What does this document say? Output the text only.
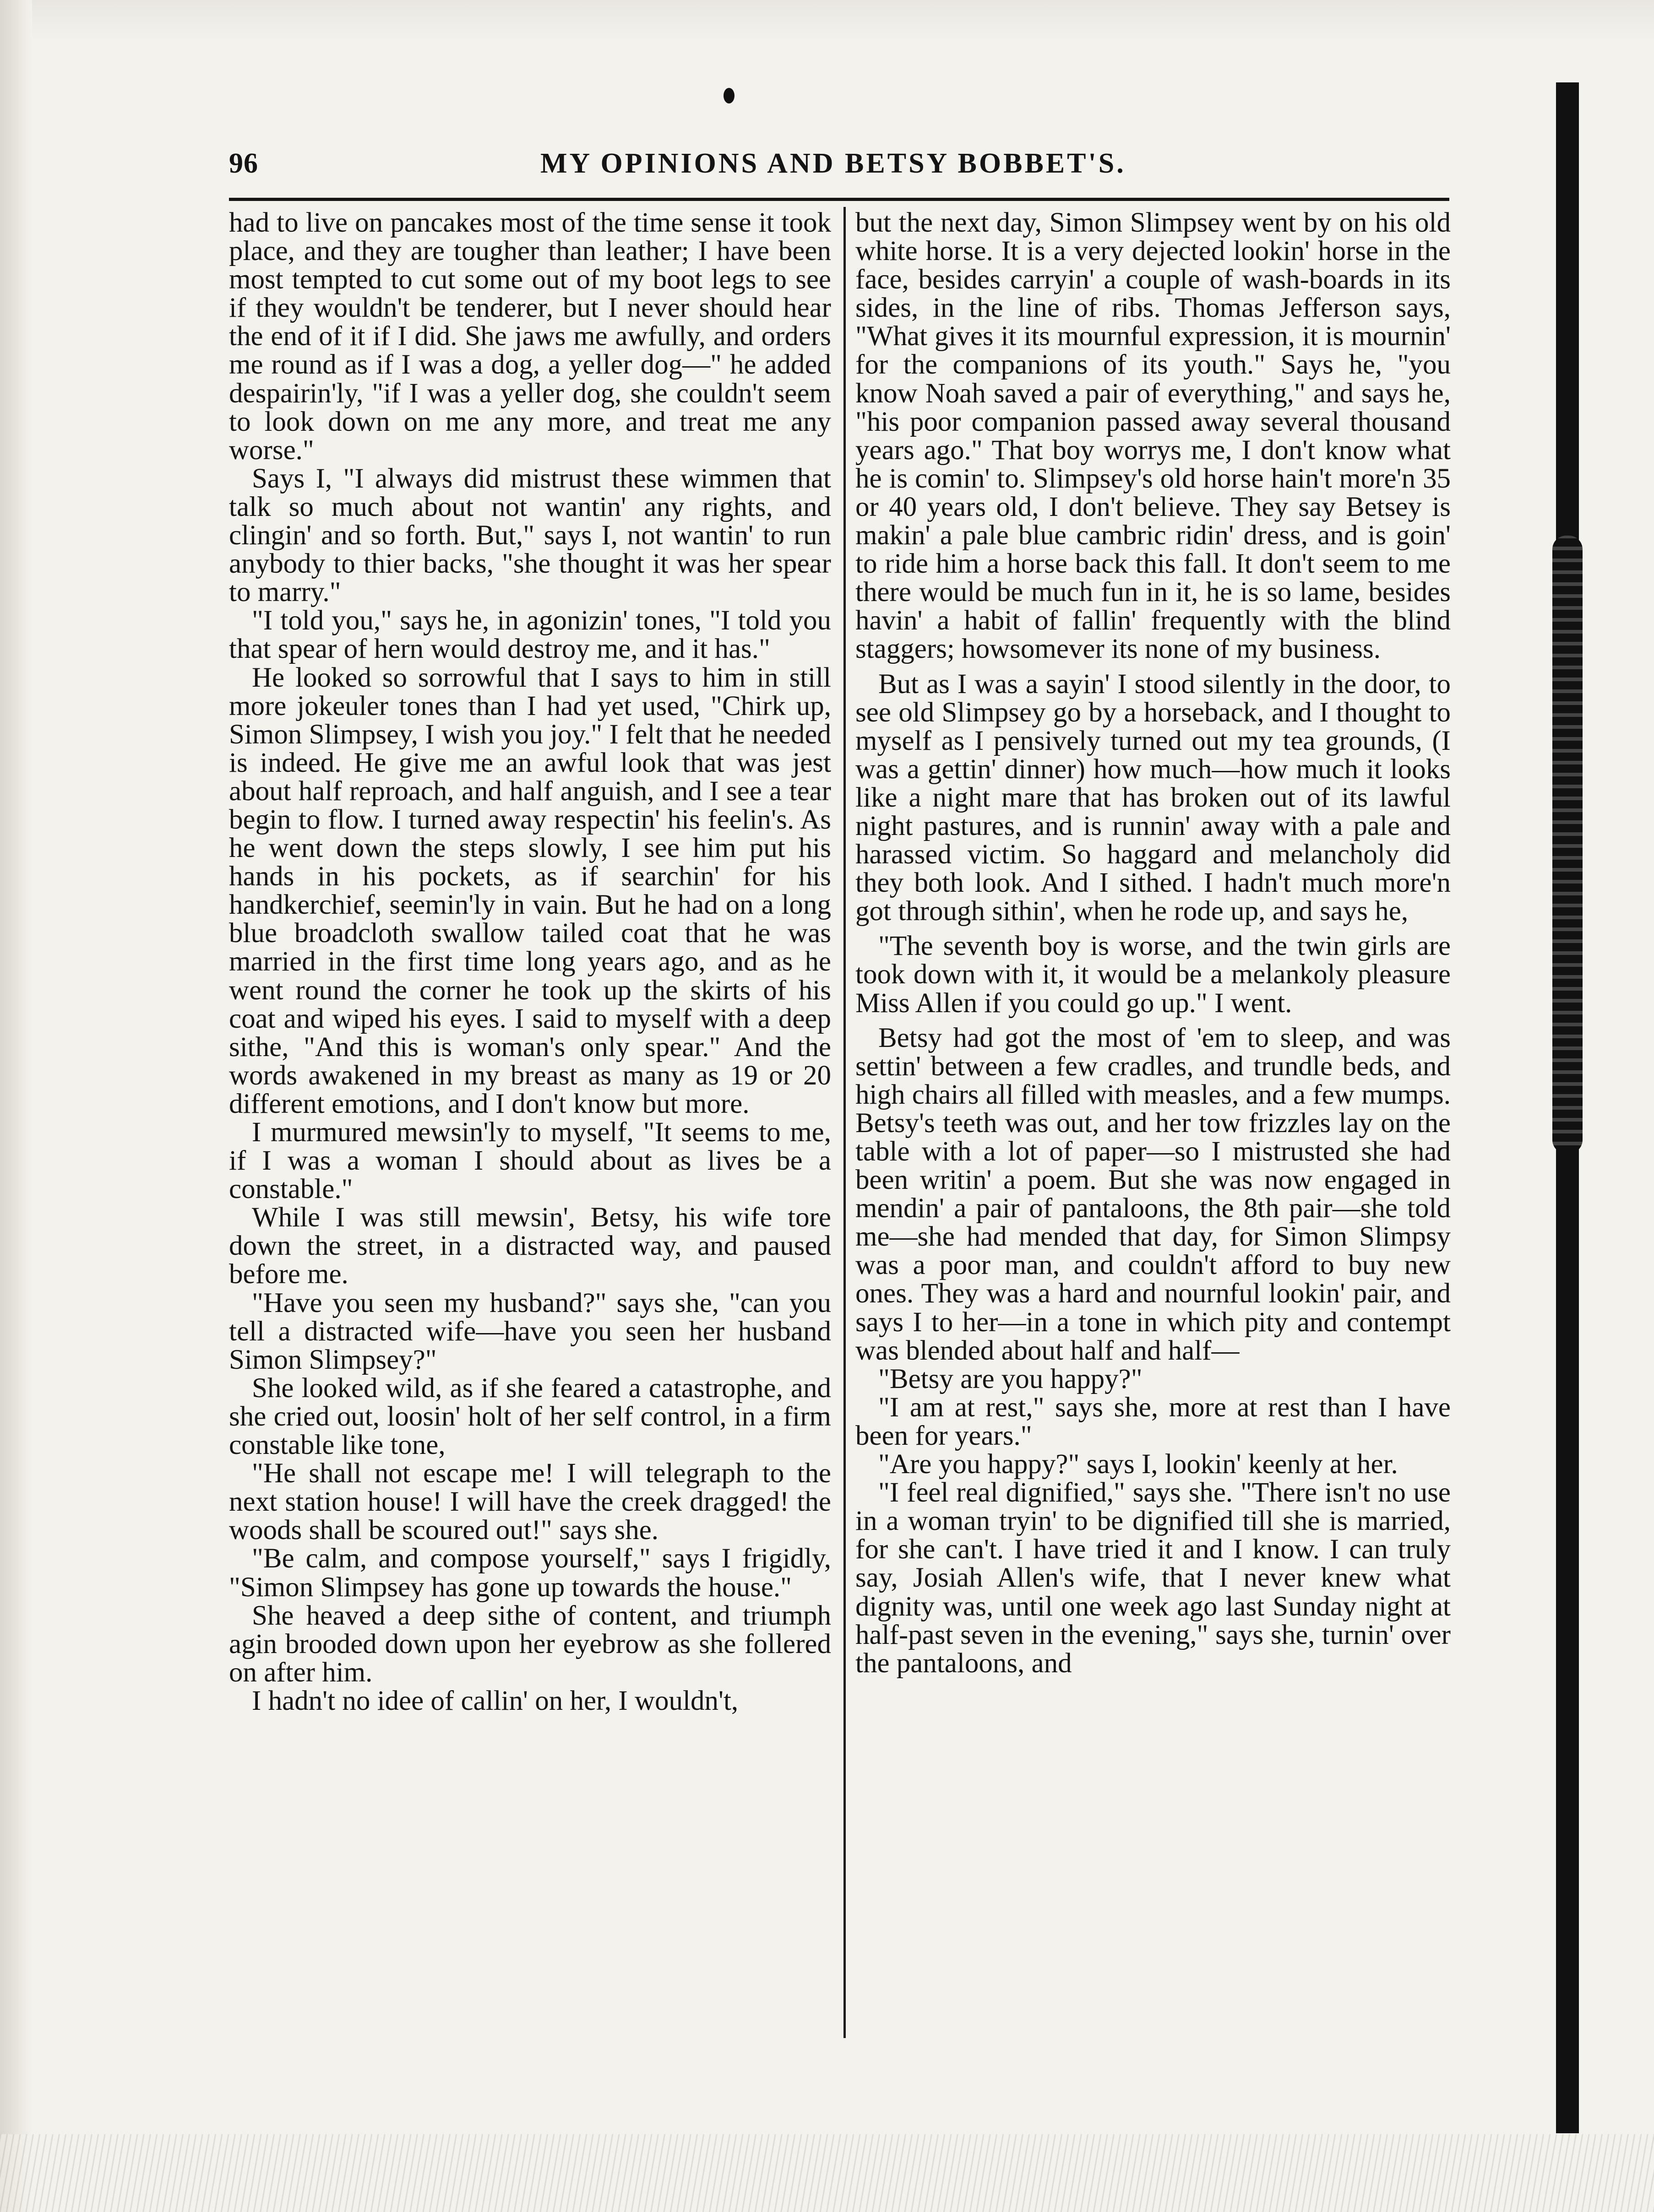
96	MY OPINIONS AND BETSY BOBBET'S.

had to live on pancakes most of the time sense it took place, and they are tougher than leather; I have been most tempted to cut some out of my boot legs to see if they wouldn't be tenderer, but I never should hear the end of it if I did. She jaws me awfully, and orders me round as if I was a dog, a yeller dog—" he added despairin'ly, "if I was a yeller dog, she couldn't seem to look down on me any more, and treat me any worse."

Says I, "I always did mistrust these wimmen that talk so much about not wantin' any rights, and clingin' and so forth. But," says I, not wantin' to run anybody to thier backs, "she thought it was her spear to marry."

"I told you," says he, in agonizin' tones, "I told you that spear of hern would destroy me, and it has."

He looked so sorrowful that I says to him in still more jokeuler tones than I had yet used, "Chirk up, Simon Slimpsey, I wish you joy." I felt that he needed is indeed. He give me an awful look that was jest about half reproach, and half anguish, and I see a tear begin to flow. I turned away respectin' his feelin's. As he went down the steps slowly, I see him put his hands in his pockets, as if searchin' for his handkerchief, seemin'ly in vain. But he had on a long blue broadcloth swallow tailed coat that he was married in the first time long years ago, and as he went round the corner he took up the skirts of his coat and wiped his eyes. I said to myself with a deep sithe, "And this is woman's only spear." And the words awakened in my breast as many as 19 or 20 different emotions, and I don't know but more.

I murmured mewsin'ly to myself, "It seems to me, if I was a woman I should about as lives be a constable."

While I was still mewsin', Betsy, his wife tore down the street, in a distracted way, and paused before me.

"Have you seen my husband?" says she, "can you tell a distracted wife—have you seen her husband Simon Slimpsey?"

She looked wild, as if she feared a catastrophe, and she cried out, loosin' holt of her self control, in a firm constable like tone,

"He shall not escape me! I will telegraph to the next station house! I will have the creek dragged! the woods shall be scoured out!" says she.

"Be calm, and compose yourself," says I frigidly, "Simon Slimpsey has gone up towards the house."

She heaved a deep sithe of content, and triumph agin brooded down upon her eyebrow as she follered on after him.

I hadn't no idee of callin' on her, I wouldn't,

but the next day, Simon Slimpsey went by on his old white horse. It is a very dejected lookin' horse in the face, besides carryin' a couple of wash-boards in its sides, in the line of ribs. Thomas Jefferson says, "What gives it its mournful expression, it is mournin' for the companions of its youth." Says he, "you know Noah saved a pair of everything," and says he, "his poor companion passed away several thousand years ago." That boy worrys me, I don't know what he is comin' to. Slimpsey's old horse hain't more'n 35 or 40 years old, I don't believe. They say Betsey is makin' a pale blue cambric ridin' dress, and is goin' to ride him a horse back this fall. It don't seem to me there would be much fun in it, he is so lame, besides havin' a habit of fallin' frequently with the blind staggers; howsomever its none of my business.

But as I was a sayin' I stood silently in the door, to see old Slimpsey go by a horseback, and I thought to myself as I pensively turned out my tea grounds, (I was a gettin' dinner) how much—how much it looks like a night mare that has broken out of its lawful night pastures, and is runnin' away with a pale and harassed victim. So haggard and melancholy did they both look. And I sithed. I hadn't much more'n got through sithin', when he rode up, and says he,

"The seventh boy is worse, and the twin girls are took down with it, it would be a melankoly pleasure Miss Allen if you could go up." I went.

Betsy had got the most of 'em to sleep, and was settin' between a few cradles, and trundle beds, and high chairs all filled with measles, and a few mumps. Betsy's teeth was out, and her tow frizzles lay on the table with a lot of paper—so I mistrusted she had been writin' a poem. But she was now engaged in mendin' a pair of pantaloons, the 8th pair—she told me—she had mended that day, for Simon Slimpsy was a poor man, and couldn't afford to buy new ones. They was a hard and nournful lookin' pair, and says I to her—in a tone in which pity and contempt was blended about half and half—

"Betsy are you happy?"

"I am at rest," says she, more at rest than I have been for years."

"Are you happy?" says I, lookin' keenly at her.

"I feel real dignified," says she. "There isn't no use in a woman tryin' to be dignified till she is married, for she can't. I have tried it and I know. I can truly say, Josiah Allen's wife, that I never knew what dignity was, until one week ago last Sunday night at half-past seven in the evening," says she, turnin' over the pantaloons, and
